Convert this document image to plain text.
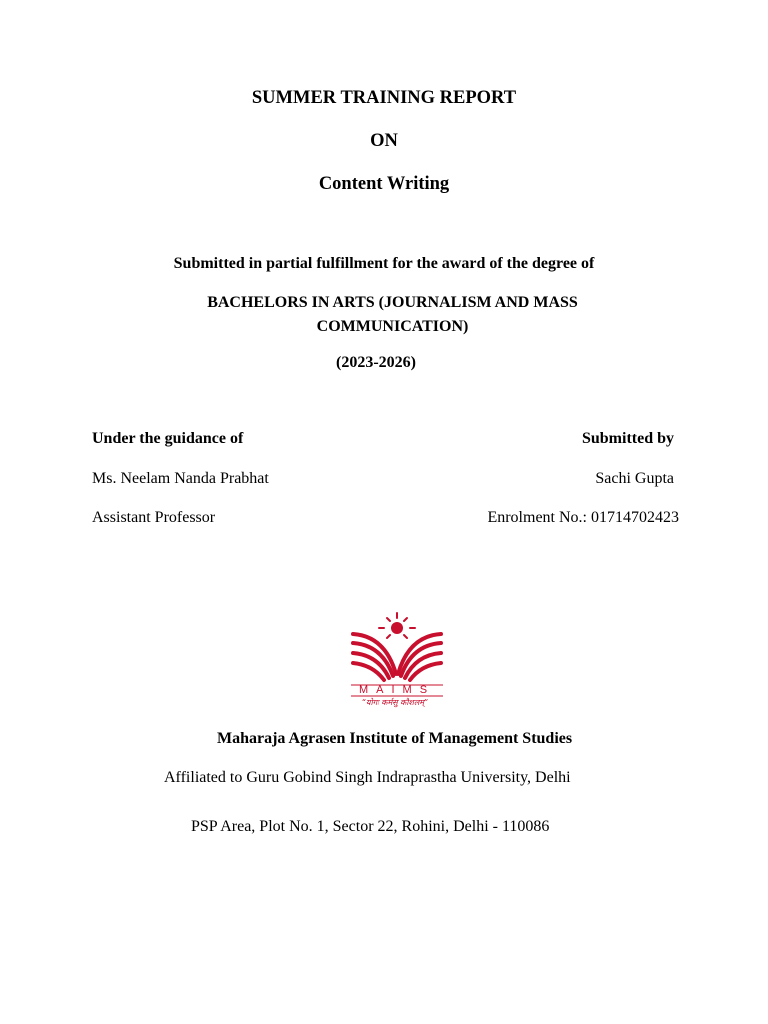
SUMMER TRAINING REPORT
ON
Content Writing
Submitted in partial fulfillment for the award of the degree of
BACHELORS IN ARTS (JOURNALISM AND MASS COMMUNICATION)
(2023-2026)
Under the guidance of
Ms. Neelam Nanda Prabhat
Assistant Professor
Submitted by
Sachi Gupta
Enrolment No.: 01714702423
MAIMS
“योगः कर्मसु कौशलम्”
Maharaja Agrasen Institute of Management Studies
Affiliated to Guru Gobind Singh Indraprastha University, Delhi
PSP Area, Plot No. 1, Sector 22, Rohini, Delhi - 110086
